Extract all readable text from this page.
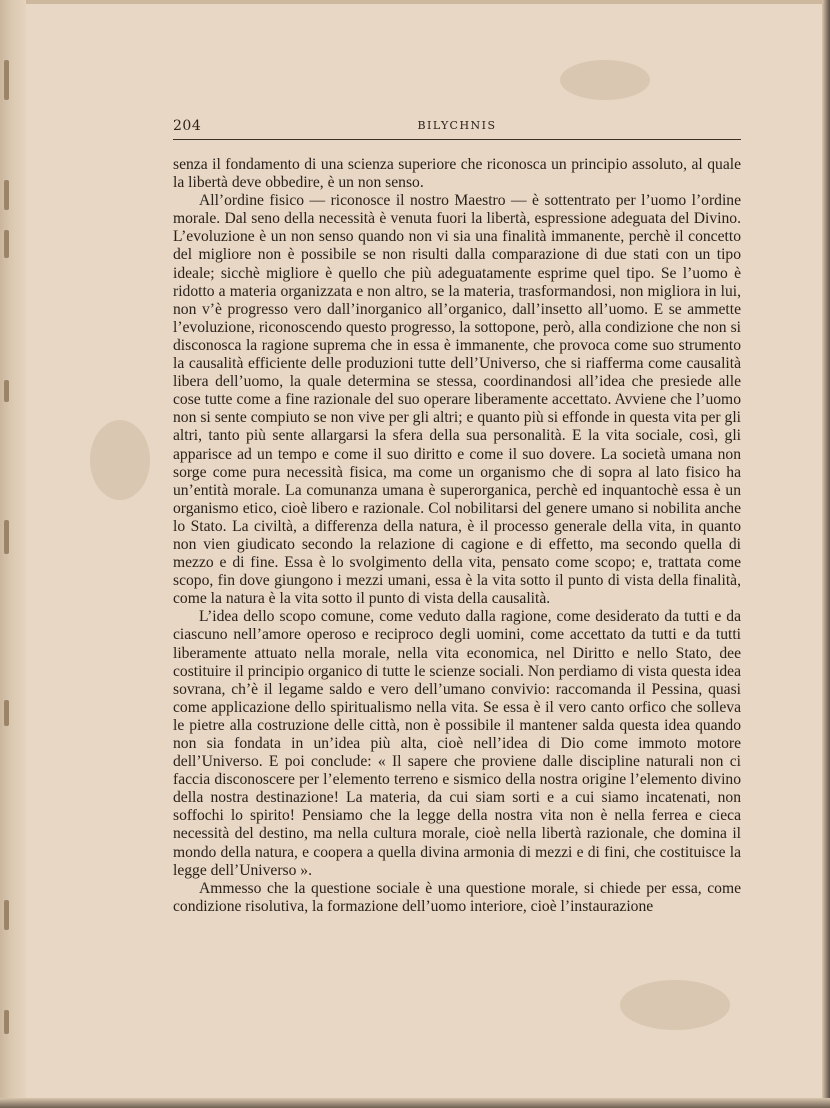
204	BILYCHNIS

senza il fondamento di una scienza superiore che riconosca un principio assoluto, al quale la libertà deve obbedire, è un non senso.

All’ordine fisico — riconosce il nostro Maestro — è sottentrato per l’uomo l’ordine morale. Dal seno della necessità è venuta fuori la libertà, espressione adeguata del Divino. L’evoluzione è un non senso quando non vi sia una finalità immanente, perchè il concetto del migliore non è possibile se non risulti dalla comparazione di due stati con un tipo ideale; sicchè migliore è quello che più adeguatamente esprime quel tipo. Se l’uomo è ridotto a materia organizzata e non altro, se la materia, trasformandosi, non migliora in lui, non v’è progresso vero dall’inorganico all’organico, dall’insetto all’uomo. E se ammette l’evoluzione, riconoscendo questo progresso, la sottopone, però, alla condizione che non si disconosca la ragione suprema che in essa è immanente, che provoca come suo strumento la causalità efficiente delle produzioni tutte dell’Universo, che si riafferma come causalità libera dell’uomo, la quale determina se stessa, coordinandosi all’idea che presiede alle cose tutte come a fine razionale del suo operare liberamente accettato. Avviene che l’uomo non si sente compiuto se non vive per gli altri; e quanto più si effonde in questa vita per gli altri, tanto più sente allargarsi la sfera della sua personalità. E la vita sociale, così, gli apparisce ad un tempo e come il suo diritto e come il suo dovere. La società umana non sorge come pura necessità fisica, ma come un organismo che di sopra al lato fisico ha un’entità morale. La comunanza umana è superorganica, perchè ed inquantochè essa è un organismo etico, cioè libero e razionale. Col nobilitarsi del genere umano si nobilita anche lo Stato. La civiltà, a differenza della natura, è il processo generale della vita, in quanto non vien giudicato secondo la relazione di cagione e di effetto, ma secondo quella di mezzo e di fine. Essa è lo svolgimento della vita, pensato come scopo; e, trattata come scopo, fin dove giungono i mezzi umani, essa è la vita sotto il punto di vista della finalità, come la natura è la vita sotto il punto di vista della causalità.

L’idea dello scopo comune, come veduto dalla ragione, come desiderato da tutti e da ciascuno nell’amore operoso e reciproco degli uomini, come accettato da tutti e da tutti liberamente attuato nella morale, nella vita economica, nel Diritto e nello Stato, dee costituire il principio organico di tutte le scienze sociali. Non perdiamo di vista questa idea sovrana, ch’è il legame saldo e vero dell’umano convivio: raccomanda il Pessina, quasi come applicazione dello spiritualismo nella vita. Se essa è il vero canto orfico che solleva le pietre alla costruzione delle città, non è possibile il mantener salda questa idea quando non sia fondata in un’idea più alta, cioè nell’idea di Dio come immoto motore dell’Universo. E poi conclude: « Il sapere che proviene dalle discipline naturali non ci faccia disconoscere per l’elemento terreno e sismico della nostra origine l’elemento divino della nostra destinazione! La materia, da cui siam sorti e a cui siamo incatenati, non soffochi lo spirito! Pensiamo che la legge della nostra vita non è nella ferrea e cieca necessità del destino, ma nella cultura morale, cioè nella libertà razionale, che domina il mondo della natura, e coopera a quella divina armonia di mezzi e di fini, che costituisce la legge dell’Universo ».

Ammesso che la questione sociale è una questione morale, si chiede per essa, come condizione risolutiva, la formazione dell’uomo interiore, cioè l’instaurazione
